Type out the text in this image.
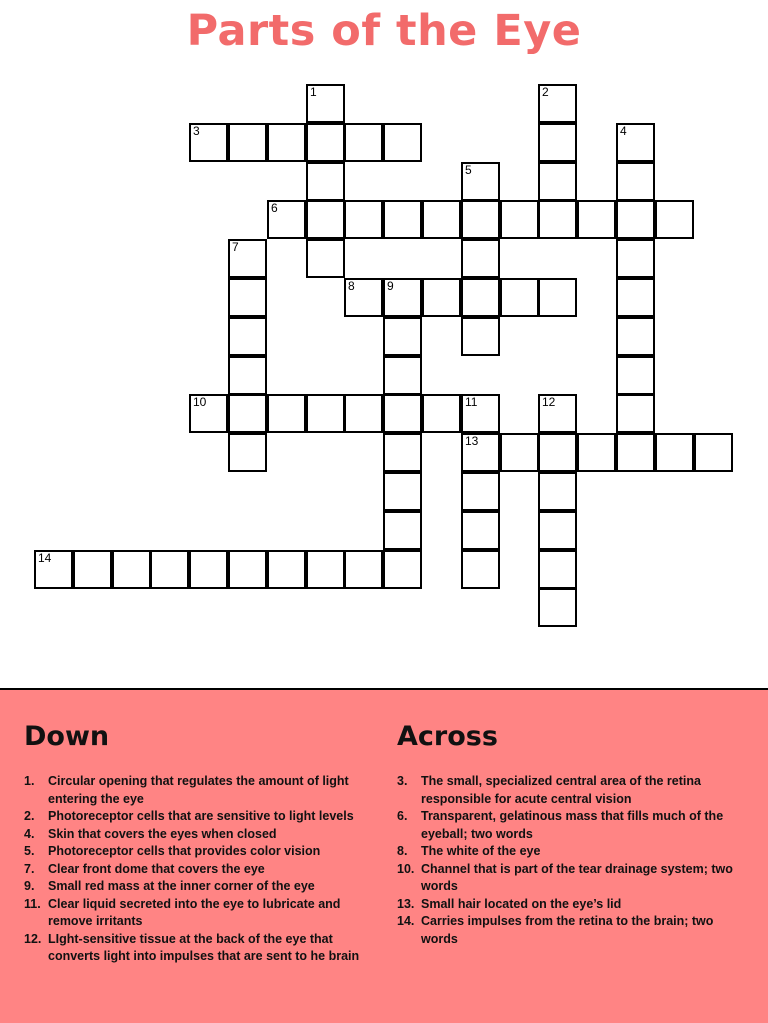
Parts of the Eye
1	2
3	4
5
6
7
8	9
10	11
13
12
14
Down
1.	Circular opening that regulates the amount of light entering the eye
2.	Photoreceptor cells that are sensitive to light levels
4.	Skin that covers the eyes when closed
5.	Photoreceptor cells that provides color vision
7.	Clear front dome that covers the eye
9.	Small red mass at the inner corner of the eye
11. Clear liquid secreted into the eye to lubricate and remove irritants
12. LIght-sensitive tissue at the back of the eye that converts light into impulses that are sent to he brain
Across
3.	The small, specialized central area of the retina responsible for acute central vision
6.	Transparent, gelatinous mass that fills much of the eyeball; two words
8.	The white of the eye
10. Channel that is part of the tear drainage system; two words
13. Small hair located on the eye’s lid
14. Carries impulses from the retina to the brain; two words
